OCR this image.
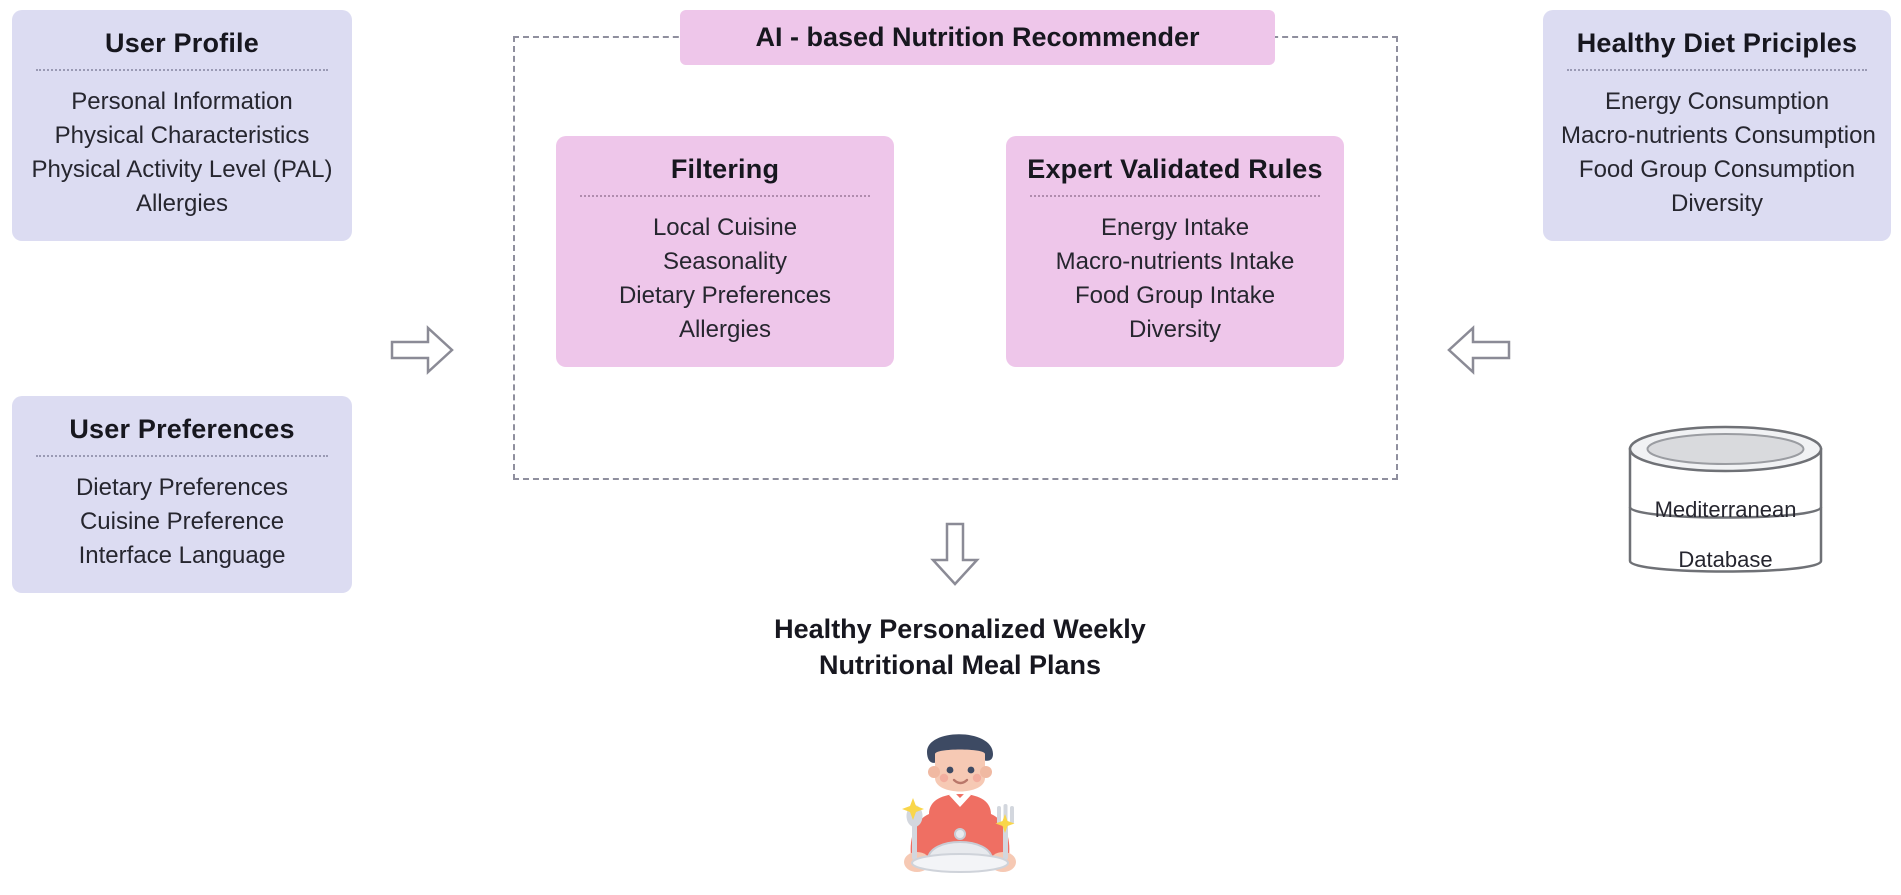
User Profile
Personal Information
Physical Characteristics
Physical Activity Level (PAL)
Allergies
User Preferences
Dietary Preferences
Cuisine Preference
Interface Language
Healthy Diet Priciples
Energy Consumption
Macro-nutrients Consumption
Food Group Consumption
Diversity
AI - based Nutrition Recommender
Filtering
Local Cuisine
Seasonality
Dietary Preferences
Allergies
Expert Validated Rules
Energy Intake
Macro-nutrients Intake
Food Group Intake
Diversity
Healthy Personalized Weekly
Nutritional Meal Plans
Mediterranean
Database
